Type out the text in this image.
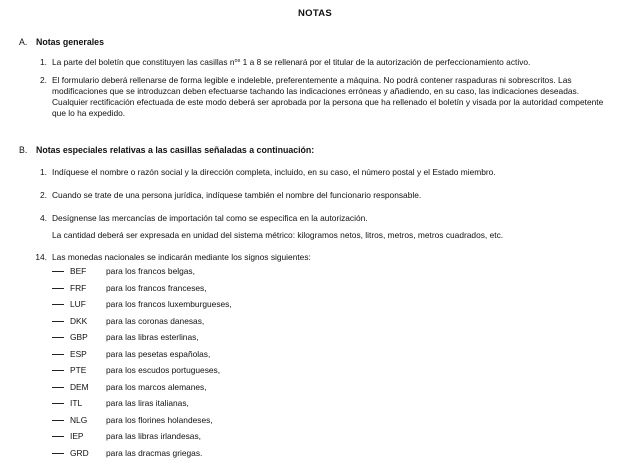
NOTAS
A. Notas generales
1. La parte del boletín que constituyen las casillas $n^{os}$ 1 a 8 se rellenará por el titular de la autorización de perfeccionamiento activo.
2. El formulario deberá rellenarse de forma legible e indeleble, preferentemente a máquina. No podrá contener raspaduras ni sobrescritos. Las

modificaciones que se introduzcan deben efectuarse tachando las indicaciones erróneas y añadiendo, en su caso, las indicaciones deseadas.

Cualquier rectificación efectuada de este modo deberá ser aprobada por la persona que ha rellenado el boletín y visada por la autoridad competente

que lo ha expedido.

B. Notas especiales relativas a las casillas señaladas a continuación:
1. Indíquese el nombre o razón social y la dirección completa, incluido, en su caso, el número postal y el Estado miembro.
2. Cuando se trate de una persona jurídica, indíquese también el nombre del funcionario responsable.
4. Desígnense las mercancías de importación tal como se especifica en la autorización.

La cantidad deberá ser expresada en unidad del sistema métrico: kilogramos netos, litros, metros, metros cuadrados, etc.

14. Las monedas nacionales se indicarán mediante los signos siguientes:
BEF	para los francos belgas,
FRF	para los francos franceses,
LUF	para los francos luxemburgueses,
DKK	para las coronas danesas,
GBP	para las libras esterlinas,
ESP	para las pesetas españolas,
PTE	para los escudos portugueses,
DEM	para los marcos alemanes,
ITL	para las liras italianas,
NLG	para los florines holandeses,
IEP	para las libras irlandesas,
GRD	para las dracmas griegas.
